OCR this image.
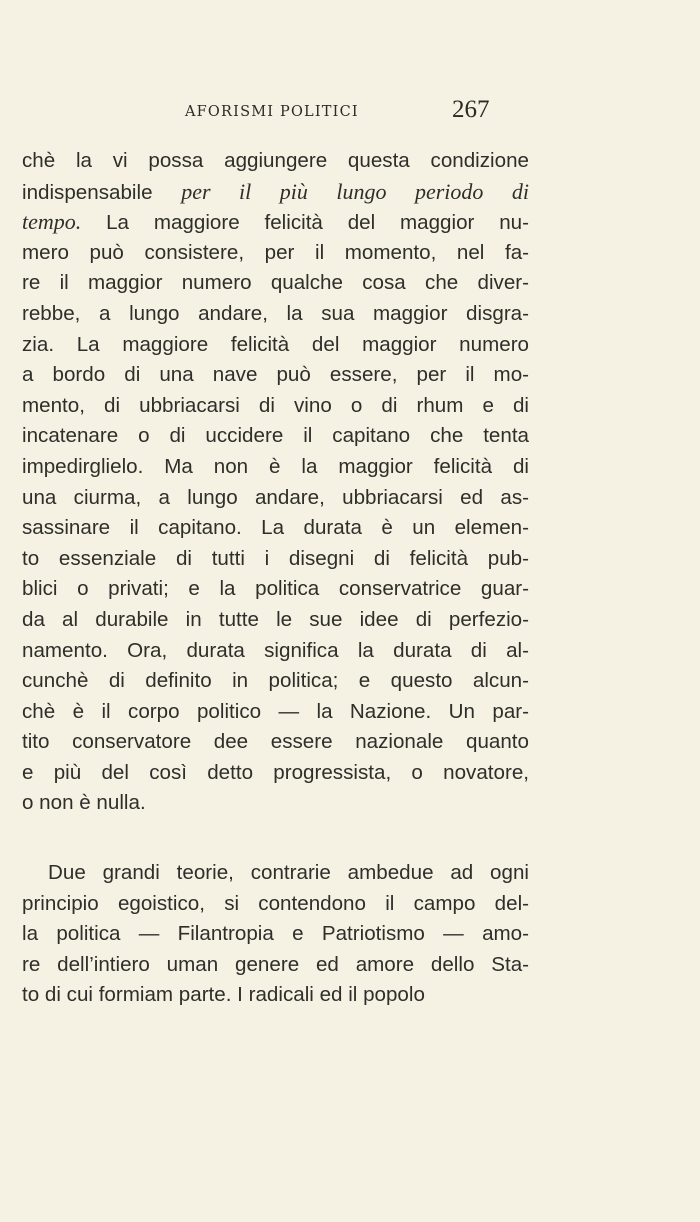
AFORISMI POLITICI	267
chè la vi possa aggiungere questa condizione
indispensabile per il più lungo periodo di
tempo. La maggiore felicità del maggior nu-
mero può consistere, per il momento, nel fa-
re il maggior numero qualche cosa che diver-
rebbe, a lungo andare, la sua maggior disgra-
zia. La maggiore felicità del maggior numero
a bordo di una nave può essere, per il mo-
mento, di ubbriacarsi di vino o di rhum e di
incatenare o di uccidere il capitano che tenta
impedirglielo. Ma non è la maggior felicità di
una ciurma, a lungo andare, ubbriacarsi ed as-
sassinare il capitano. La durata è un elemen-
to essenziale di tutti i disegni di felicità pub-
blici o privati; e la politica conservatrice guar-
da al durabile in tutte le sue idee di perfezio-
namento. Ora, durata significa la durata di al-
cunchè di definito in politica; e questo alcun-
chè è il corpo politico — la Nazione. Un par-
tito conservatore dee essere nazionale quanto
e più del così detto progressista, o novatore,
o non è nulla.
Due grandi teorie, contrarie ambedue ad ogni
principio egoistico, si contendono il campo del-
la politica — Filantropia e Patriotismo — amo-
re dell’intiero uman genere ed amore dello Sta-
to di cui formiam parte. I radicali ed il popolo
